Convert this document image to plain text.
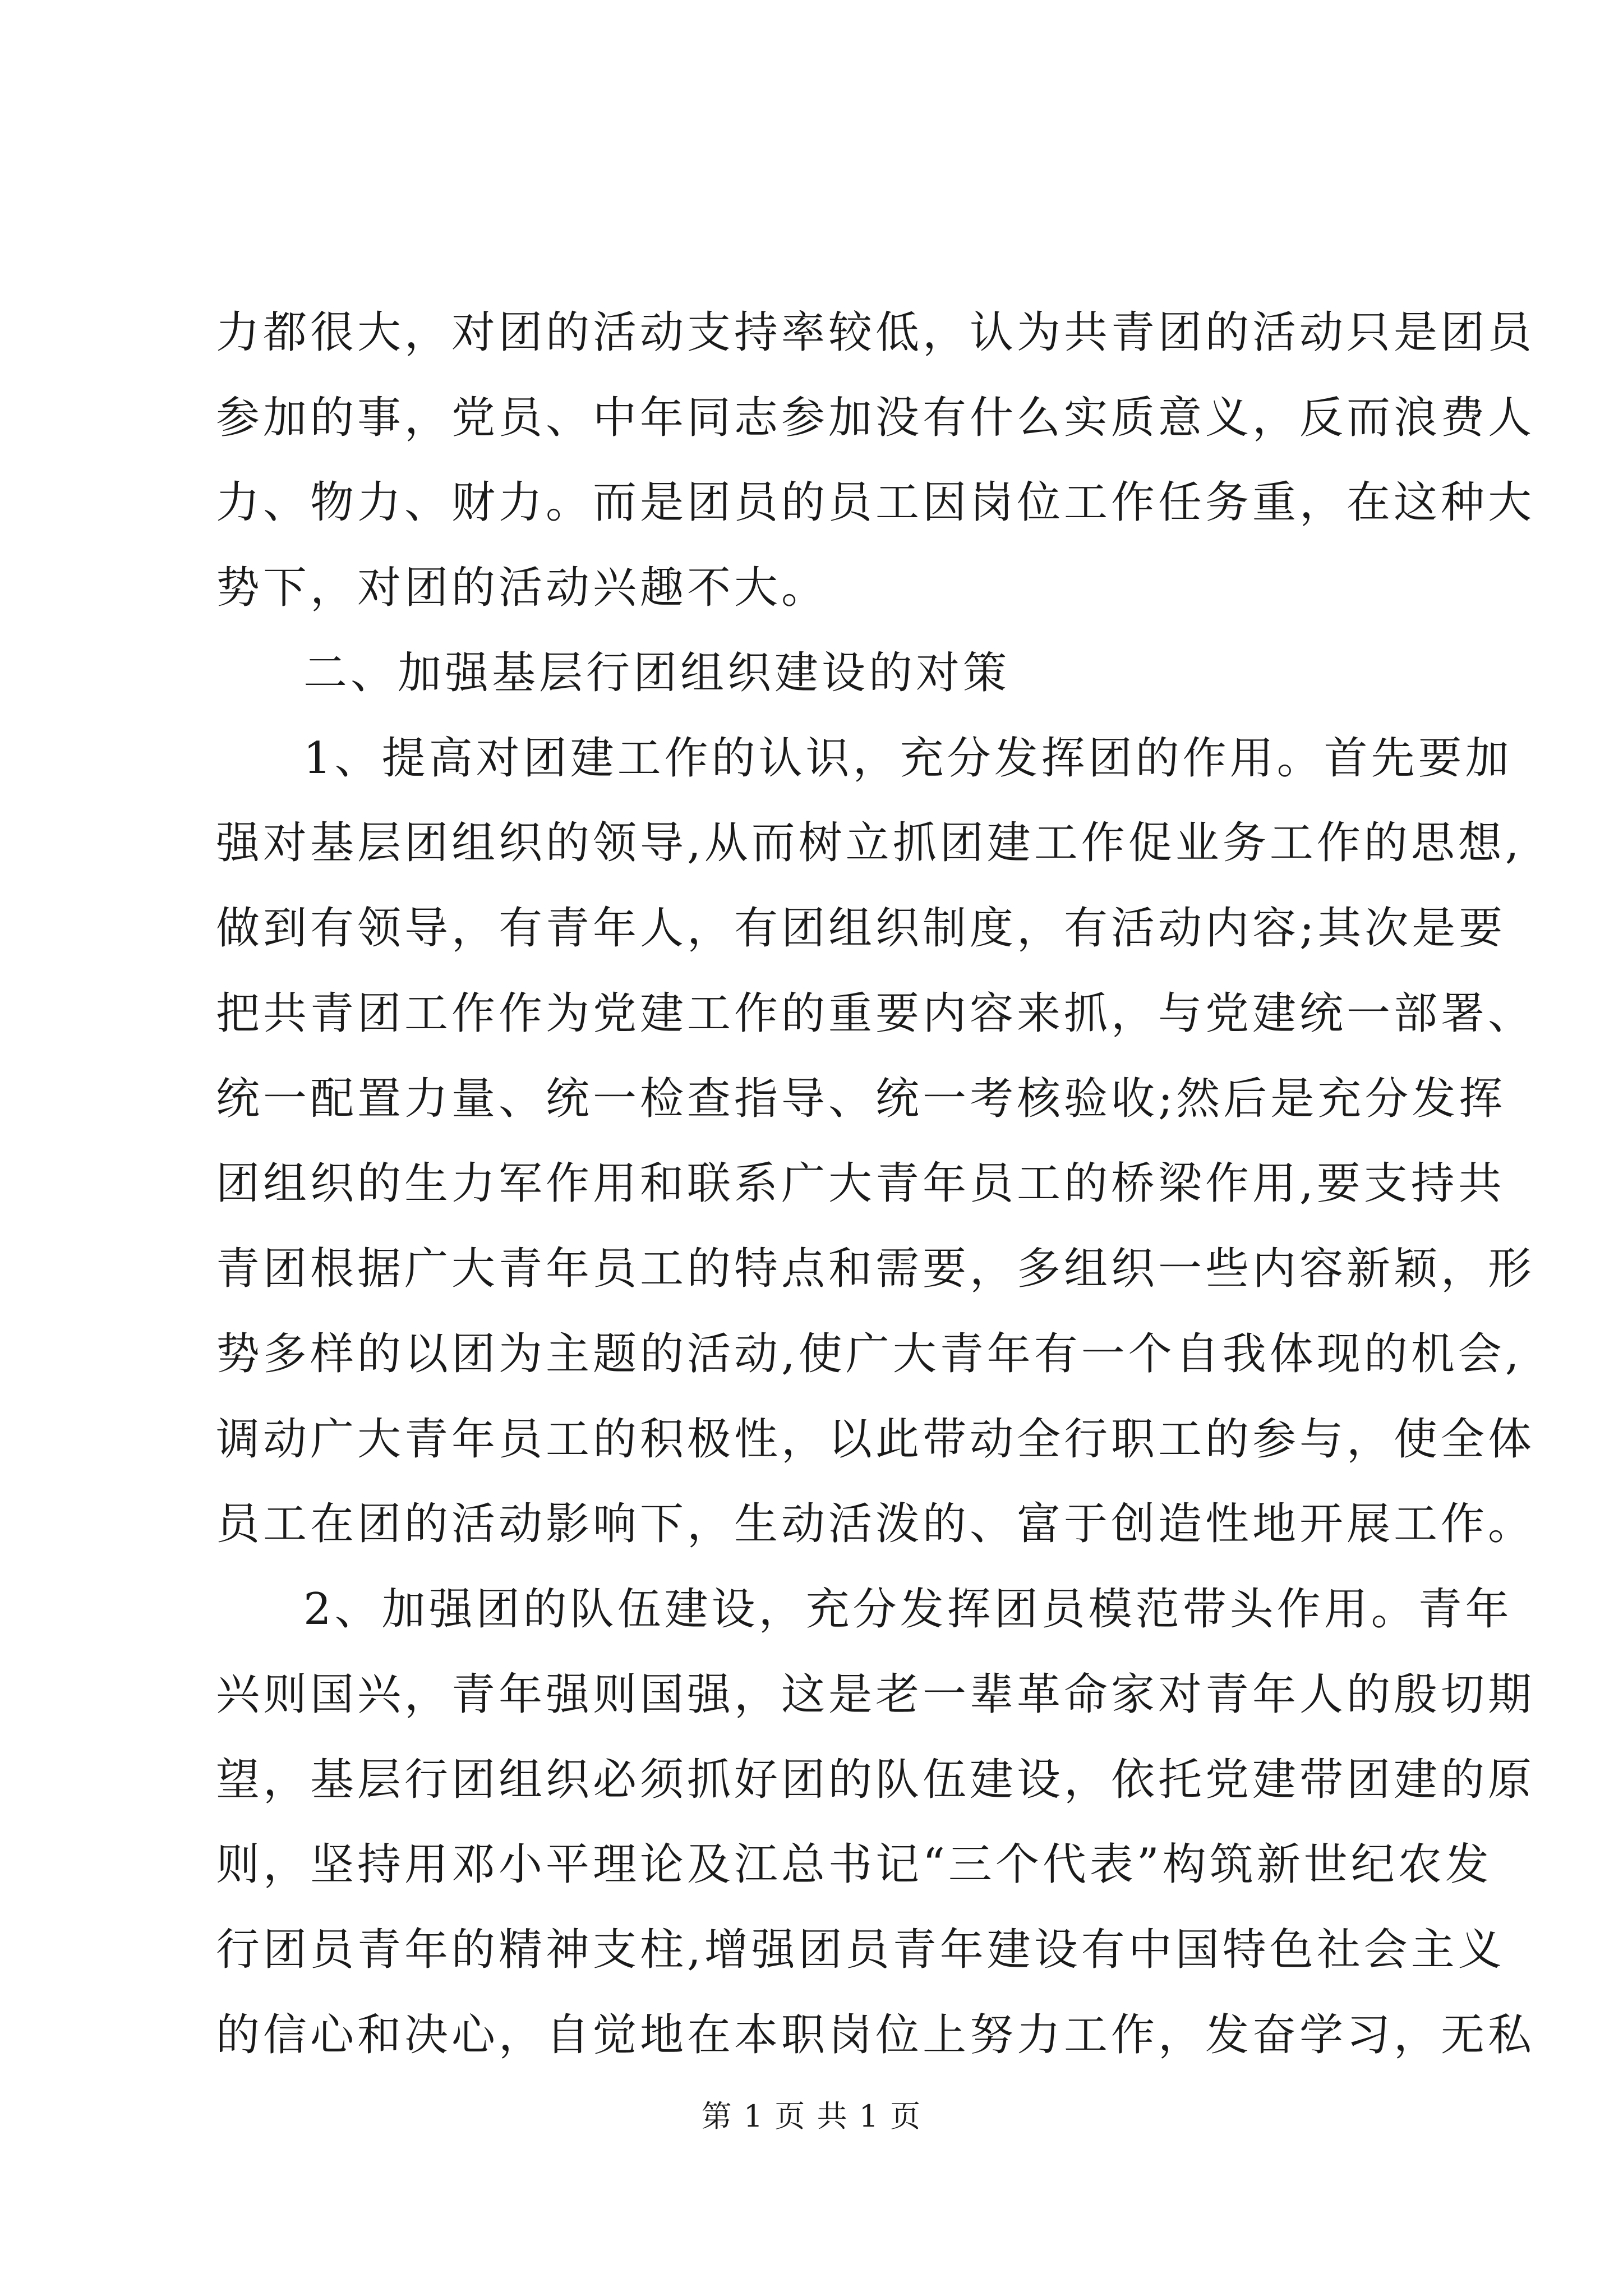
力都很大，对团的活动支持率较低，认为共青团的活动只是团员
参加的事，党员、中年同志参加没有什么实质意义，反而浪费人
力、物力、财力。而是团员的员工因岗位工作任务重，在这种大
势下，对团的活动兴趣不大。
二、加强基层行团组织建设的对策
1、提高对团建工作的认识，充分发挥团的作用。首先要加
强对基层团组织的领导,从而树立抓团建工作促业务工作的思想,
做到有领导，有青年人，有团组织制度，有活动内容;其次是要
把共青团工作作为党建工作的重要内容来抓，与党建统一部署、
统一配置力量、统一检查指导、统一考核验收;然后是充分发挥
团组织的生力军作用和联系广大青年员工的桥梁作用,要支持共
青团根据广大青年员工的特点和需要，多组织一些内容新颖，形
势多样的以团为主题的活动,使广大青年有一个自我体现的机会,
调动广大青年员工的积极性，以此带动全行职工的参与，使全体
员工在团的活动影响下，生动活泼的、富于创造性地开展工作。
2、加强团的队伍建设，充分发挥团员模范带头作用。青年
兴则国兴，青年强则国强，这是老一辈革命家对青年人的殷切期
望，基层行团组织必须抓好团的队伍建设，依托党建带团建的原
则，坚持用邓小平理论及江总书记“三个代表”构筑新世纪农发
行团员青年的精神支柱,增强团员青年建设有中国特色社会主义
的信心和决心，自觉地在本职岗位上努力工作，发奋学习，无私
第 1 页 共 1 页
